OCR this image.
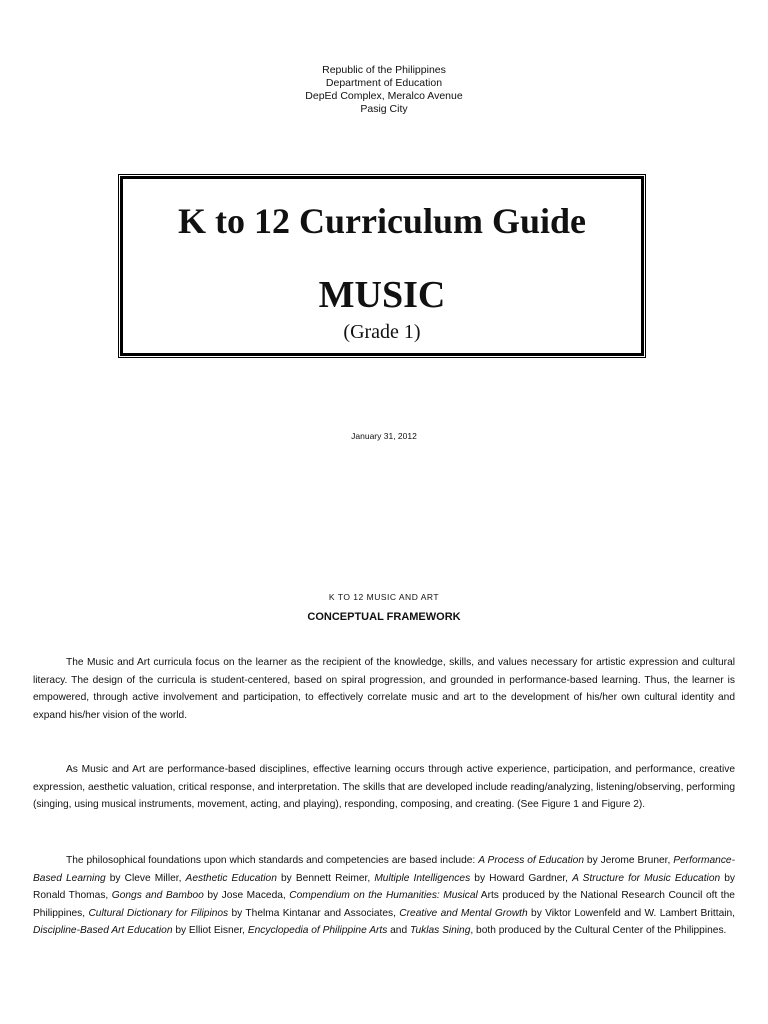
Republic of the Philippines
Department of Education
DepEd Complex, Meralco Avenue
Pasig City
K to 12 Curriculum Guide
MUSIC
(Grade 1)
January 31, 2012
K TO 12 MUSIC AND ART
CONCEPTUAL FRAMEWORK

The Music and Art curricula focus on the learner as the recipient of the knowledge, skills, and values necessary for artistic expression and cultural literacy. The design of the curricula is student-centered, based on spiral progression, and grounded in performance-based learning. Thus, the learner is empowered, through active involvement and participation, to effectively correlate music and art to the development of his/her own cultural identity and expand his/her vision of the world.

As Music and Art are performance-based disciplines, effective learning occurs through active experience, participation, and performance, creative expression, aesthetic valuation, critical response, and interpretation. The skills that are developed include reading/analyzing, listening/observing, performing (singing, using musical instruments, movement, acting, and playing), responding, composing, and creating. (See Figure 1 and Figure 2).

The philosophical foundations upon which standards and competencies are based include: A Process of Education by Jerome Bruner, Performance-Based Learning by Cleve Miller, Aesthetic Education by Bennett Reimer, Multiple Intelligences by Howard Gardner, A Structure for Music Education by Ronald Thomas, Gongs and Bamboo by Jose Maceda, Compendium on the Humanities: Musical Arts produced by the National Research Council oft the Philippines, Cultural Dictionary for Filipinos by Thelma Kintanar and Associates, Creative and Mental Growth by Viktor Lowenfeld and W. Lambert Brittain, Discipline-Based Art Education by Elliot Eisner, Encyclopedia of Philippine Arts and Tuklas Sining, both produced by the Cultural Center of the Philippines.
